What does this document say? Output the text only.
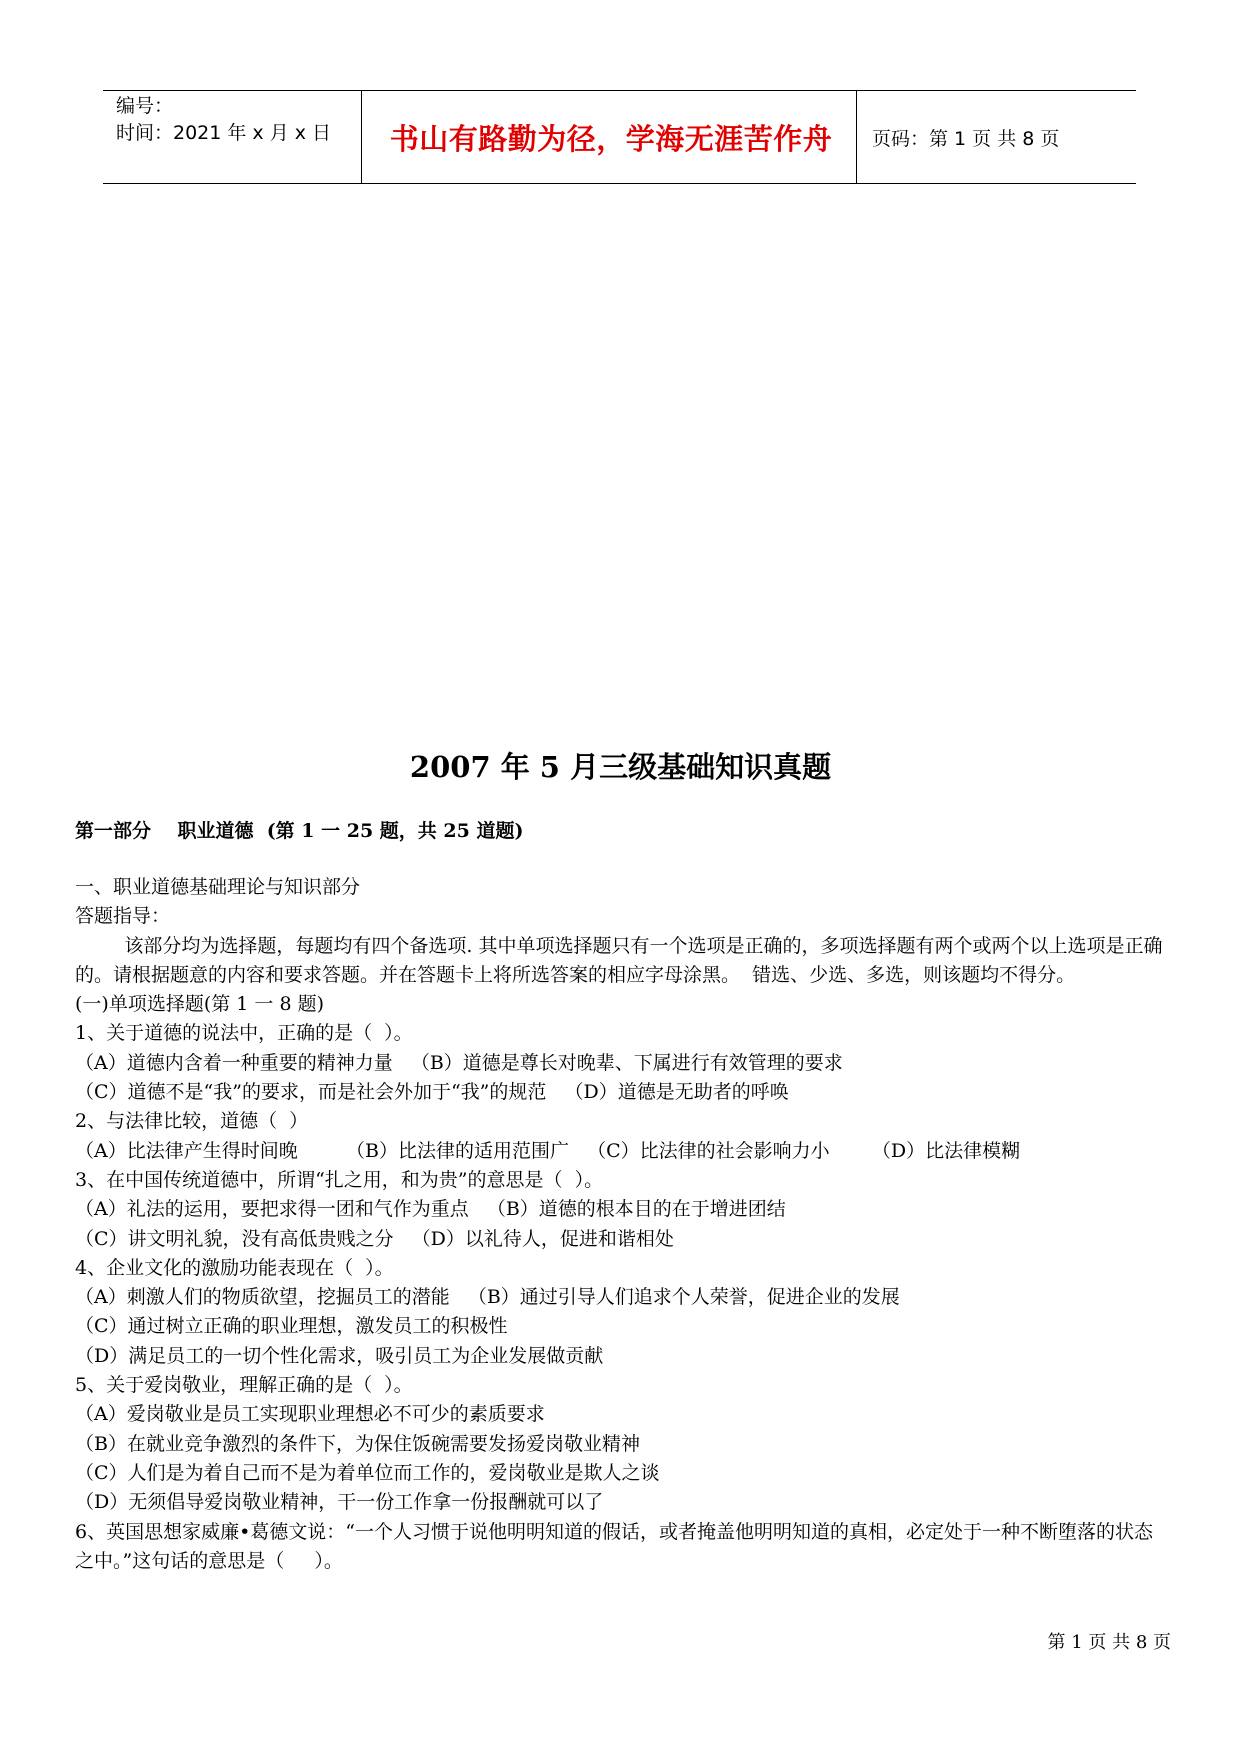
编号：
时间：2021 年 x 月 x 日	书山有路勤为径，学海无涯苦作舟	页码：第 1 页 共 8 页
2007 年 5 月三级基础知识真题
第一部分    职业道德  (第 1 一 25 题，共 25 道题)

一、职业道德基础理论与知识部分

答题指导：

该部分均为选择题，每题均有四个备选项. 其中单项选择题只有一个选项是正确的，多项选择题有两个或两个以上选项是正确的。请根据题意的内容和要求答题。并在答题卡上将所选答案的相应字母涂黑。  错选、少选、多选，则该题均不得分。

(一)单项选择题(第 1 一 8 题)

1、关于道德的说法中，正确的是（  ）。

（A）道德内含着一种重要的精神力量   （B）道德是尊长对晚辈、下属进行有效管理的要求

（C）道德不是“我”的要求，而是社会外加于“我”的规范   （D）道德是无助者的呼唤

2、与法律比较，道德（  ）

（A）比法律产生得时间晚        （B）比法律的适用范围广   （C）比法律的社会影响力小       （D）比法律模糊

3、在中国传统道德中，所谓“扎之用，和为贵”的意思是（  ）。

（A）礼法的运用，要把求得一团和气作为重点   （B）道德的根本目的在于增进团结

（C）讲文明礼貌，没有高低贵贱之分   （D）以礼待人，促进和谐相处

4、企业文化的激励功能表现在（  ）。

（A）刺激人们的物质欲望，挖掘员工的潜能   （B）通过引导人们追求个人荣誉，促进企业的发展

（C）通过树立正确的职业理想，激发员工的积极性

（D）满足员工的一切个性化需求，吸引员工为企业发展做贡献

5、关于爱岗敬业，理解正确的是（  ）。

（A）爱岗敬业是员工实现职业理想必不可少的素质要求

（B）在就业竞争激烈的条件下，为保住饭碗需要发扬爱岗敬业精神

（C）人们是为着自己而不是为着单位而工作的，爱岗敬业是欺人之谈

（D）无须倡导爱岗敬业精神，干一份工作拿一份报酬就可以了

6、英国思想家威廉•葛德文说：“一个人习惯于说他明明知道的假话，或者掩盖他明明知道的真相，必定处于一种不断堕落的状态之中。”这句话的意思是（     ）。

第 1 页 共 8 页
